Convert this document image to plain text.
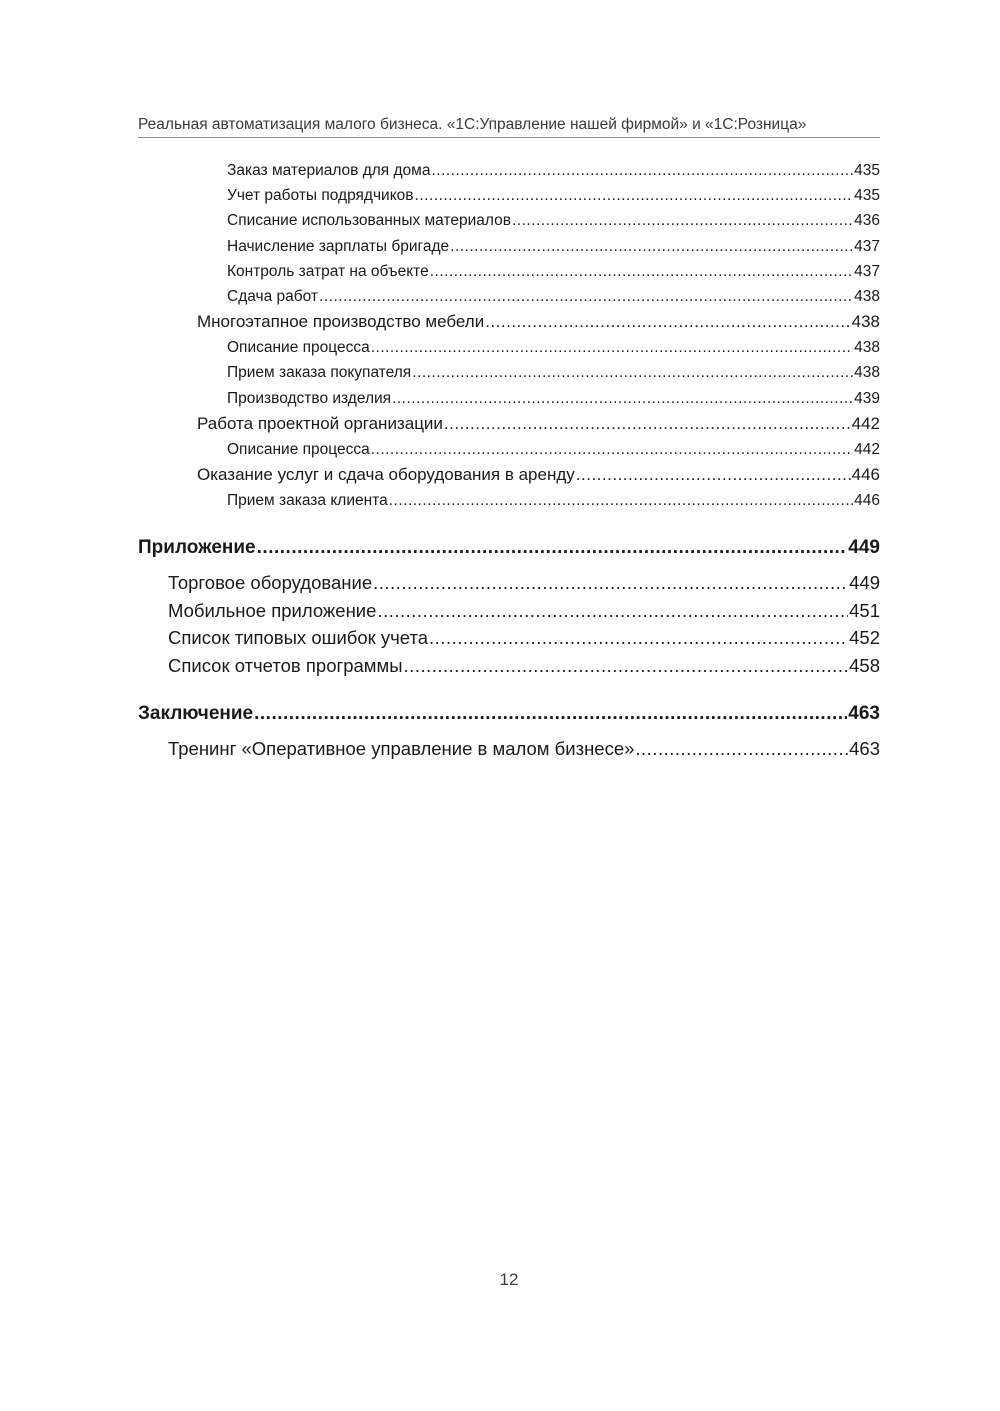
Реальная автоматизация малого бизнеса. «1С:Управление нашей фирмой» и «1С:Розница»
Заказ материалов для дома .....	435
Учет работы подрядчиков .....	435
Списание использованных материалов .....	436
Начисление зарплаты бригаде .....	437
Контроль затрат на объекте .....	437
Сдача работ .....	438
Многоэтапное производство мебели .....	438
Описание процесса .....	438
Прием заказа покупателя .....	438
Производство изделия .....	439
Работа проектной организации .....	442
Описание процесса .....	442
Оказание услуг и сдача оборудования в аренду .....	446
Прием заказа клиента .....	446
Приложение .....	449
Торговое оборудование .....	449
Мобильное приложение .....	451
Список типовых ошибок учета .....	452
Список отчетов программы .....	458
Заключение .....	463
Тренинг «Оперативное управление в малом бизнесе» .....	463
12
